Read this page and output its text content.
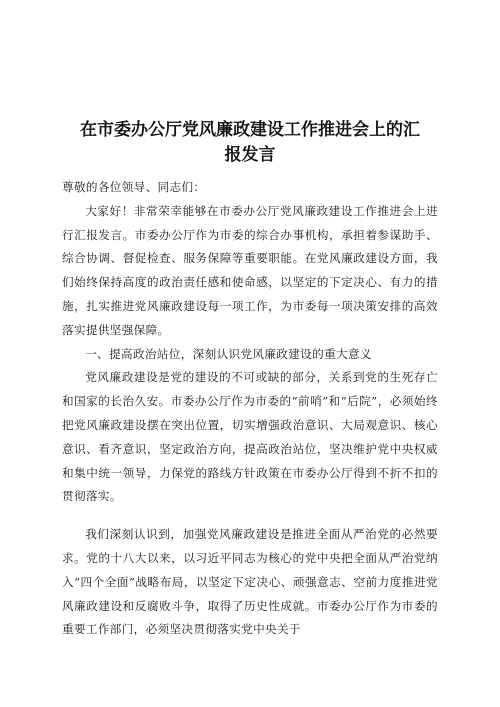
在市委办公厅党风廉政建设工作推进会上的汇报发言

尊敬的各位领导、同志们：

大家好！非常荣幸能够在市委办公厅党风廉政建设工作推进会上进行汇报发言。市委办公厅作为市委的综合办事机构，承担着参谋助手、综合协调、督促检查、服务保障等重要职能。在党风廉政建设方面，我们始终保持高度的政治责任感和使命感，以坚定的下定决心、有力的措施，扎实推进党风廉政建设每一项工作，为市委每一项决策安排的高效落实提供坚强保障。

一、提高政治站位，深刻认识党风廉政建设的重大意义

党风廉政建设是党的建设的不可或缺的部分，关系到党的生死存亡和国家的长治久安。市委办公厅作为市委的“前哨”和“后院”，必须始终把党风廉政建设摆在突出位置，切实增强政治意识、大局观意识、核心意识、看齐意识，坚定政治方向，提高政治站位，坚决维护党中央权威和集中统一领导，力保党的路线方针政策在市委办公厅得到不折不扣的贯彻落实。

我们深刻认识到，加强党风廉政建设是推进全面从严治党的必然要求。党的十八大以来，以习近平同志为核心的党中央把全面从严治党纳入“四个全面”战略布局，以坚定下定决心、顽强意志、空前力度推进党风廉政建设和反腐败斗争，取得了历史性成就。市委办公厅作为市委的重要工作部门，必须坚决贯彻落实党中央关于
